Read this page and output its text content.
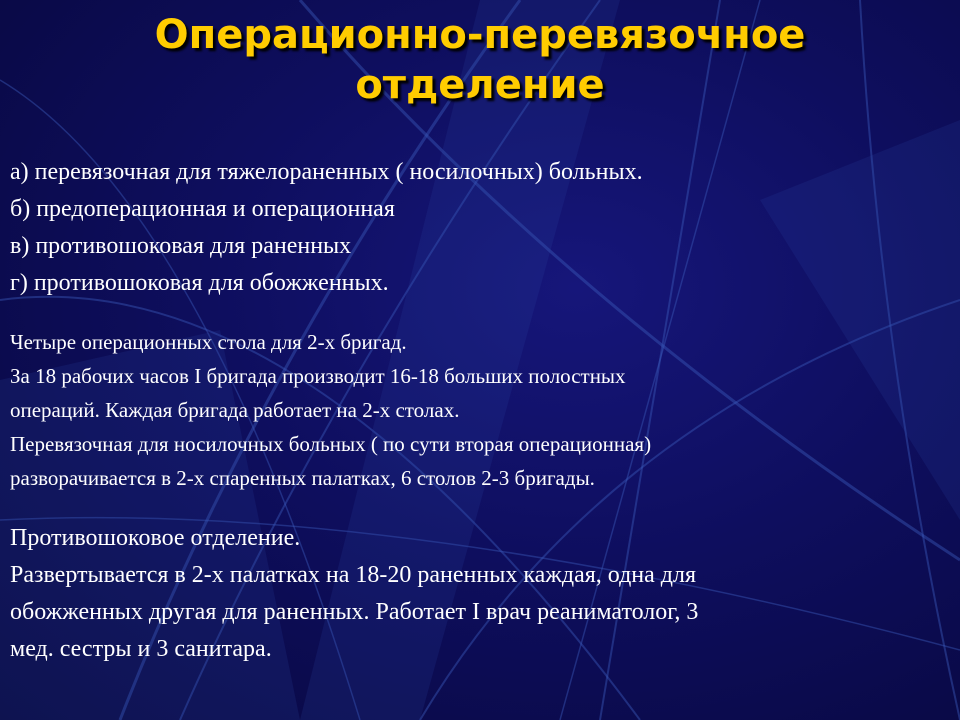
Операционно-перевязочное
отделение
а) перевязочная для тяжелораненных ( носилочных) больных.
б) предоперационная и операционная
в) противошоковая для раненных
г) противошоковая для обожженных.
Четыре операционных стола для 2-х бригад.
За 18 рабочих часов I бригада производит 16-18 больших полостных
операций. Каждая бригада работает на 2-х столах.
Перевязочная для носилочных больных ( по сути вторая операционная)
разворачивается в 2-х спаренных палатках, 6 столов 2-3 бригады.
Противошоковое отделение.
Развертывается в 2-х палатках на 18-20 раненных каждая, одна для
обожженных другая для раненных. Работает I врач реаниматолог, 3
мед. сестры и 3 санитара.
